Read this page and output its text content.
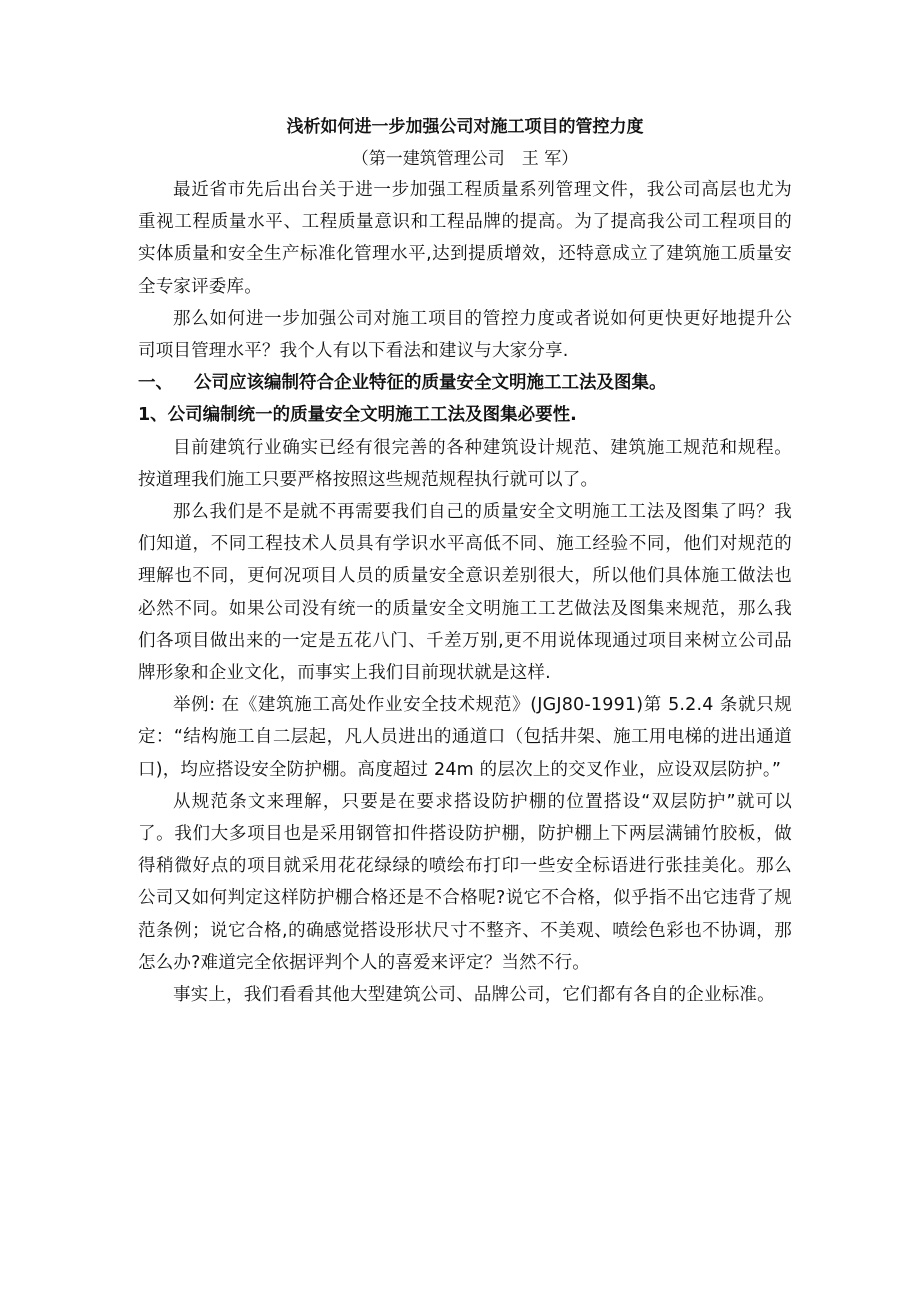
浅析如何进一步加强公司对施工项目的管控力度
（第一建筑管理公司　王 军）

最近省市先后出台关于进一步加强工程质量系列管理文件，我公司高层也尤为重视工程质量水平、工程质量意识和工程品牌的提高。为了提高我公司工程项目的实体质量和安全生产标准化管理水平,达到提质增效，还特意成立了建筑施工质量安全专家评委库。

那么如何进一步加强公司对施工项目的管控力度或者说如何更快更好地提升公司项目管理水平？我个人有以下看法和建议与大家分享.

一、 公司应该编制符合企业特征的质量安全文明施工工法及图集。
1、公司编制统一的质量安全文明施工工法及图集必要性.

目前建筑行业确实已经有很完善的各种建筑设计规范、建筑施工规范和规程。按道理我们施工只要严格按照这些规范规程执行就可以了。

那么我们是不是就不再需要我们自己的质量安全文明施工工法及图集了吗？我们知道，不同工程技术人员具有学识水平高低不同、施工经验不同，他们对规范的理解也不同，更何况项目人员的质量安全意识差别很大，所以他们具体施工做法也必然不同。如果公司没有统一的质量安全文明施工工艺做法及图集来规范，那么我们各项目做出来的一定是五花八门、千差万别,更不用说体现通过项目来树立公司品牌形象和企业文化，而事实上我们目前现状就是这样.

举例: 在《建筑施工高处作业安全技术规范》(JGJ80-1991)第 5.2.4 条就只规定：“结构施工自二层起，凡人员进出的通道口（包括井架、施工用电梯的进出通道口)，均应搭设安全防护棚。高度超过 24m 的层次上的交叉作业，应设双层防护。”

从规范条文来理解，只要是在要求搭设防护棚的位置搭设“双层防护”就可以了。我们大多项目也是采用钢管扣件搭设防护棚，防护棚上下两层满铺竹胶板，做得稍微好点的项目就采用花花绿绿的喷绘布打印一些安全标语进行张挂美化。那么公司又如何判定这样防护棚合格还是不合格呢?说它不合格，似乎指不出它违背了规范条例；说它合格,的确感觉搭设形状尺寸不整齐、不美观、喷绘色彩也不协调，那怎么办?难道完全依据评判个人的喜爱来评定？当然不行。

事实上，我们看看其他大型建筑公司、品牌公司，它们都有各自的企业标准。
